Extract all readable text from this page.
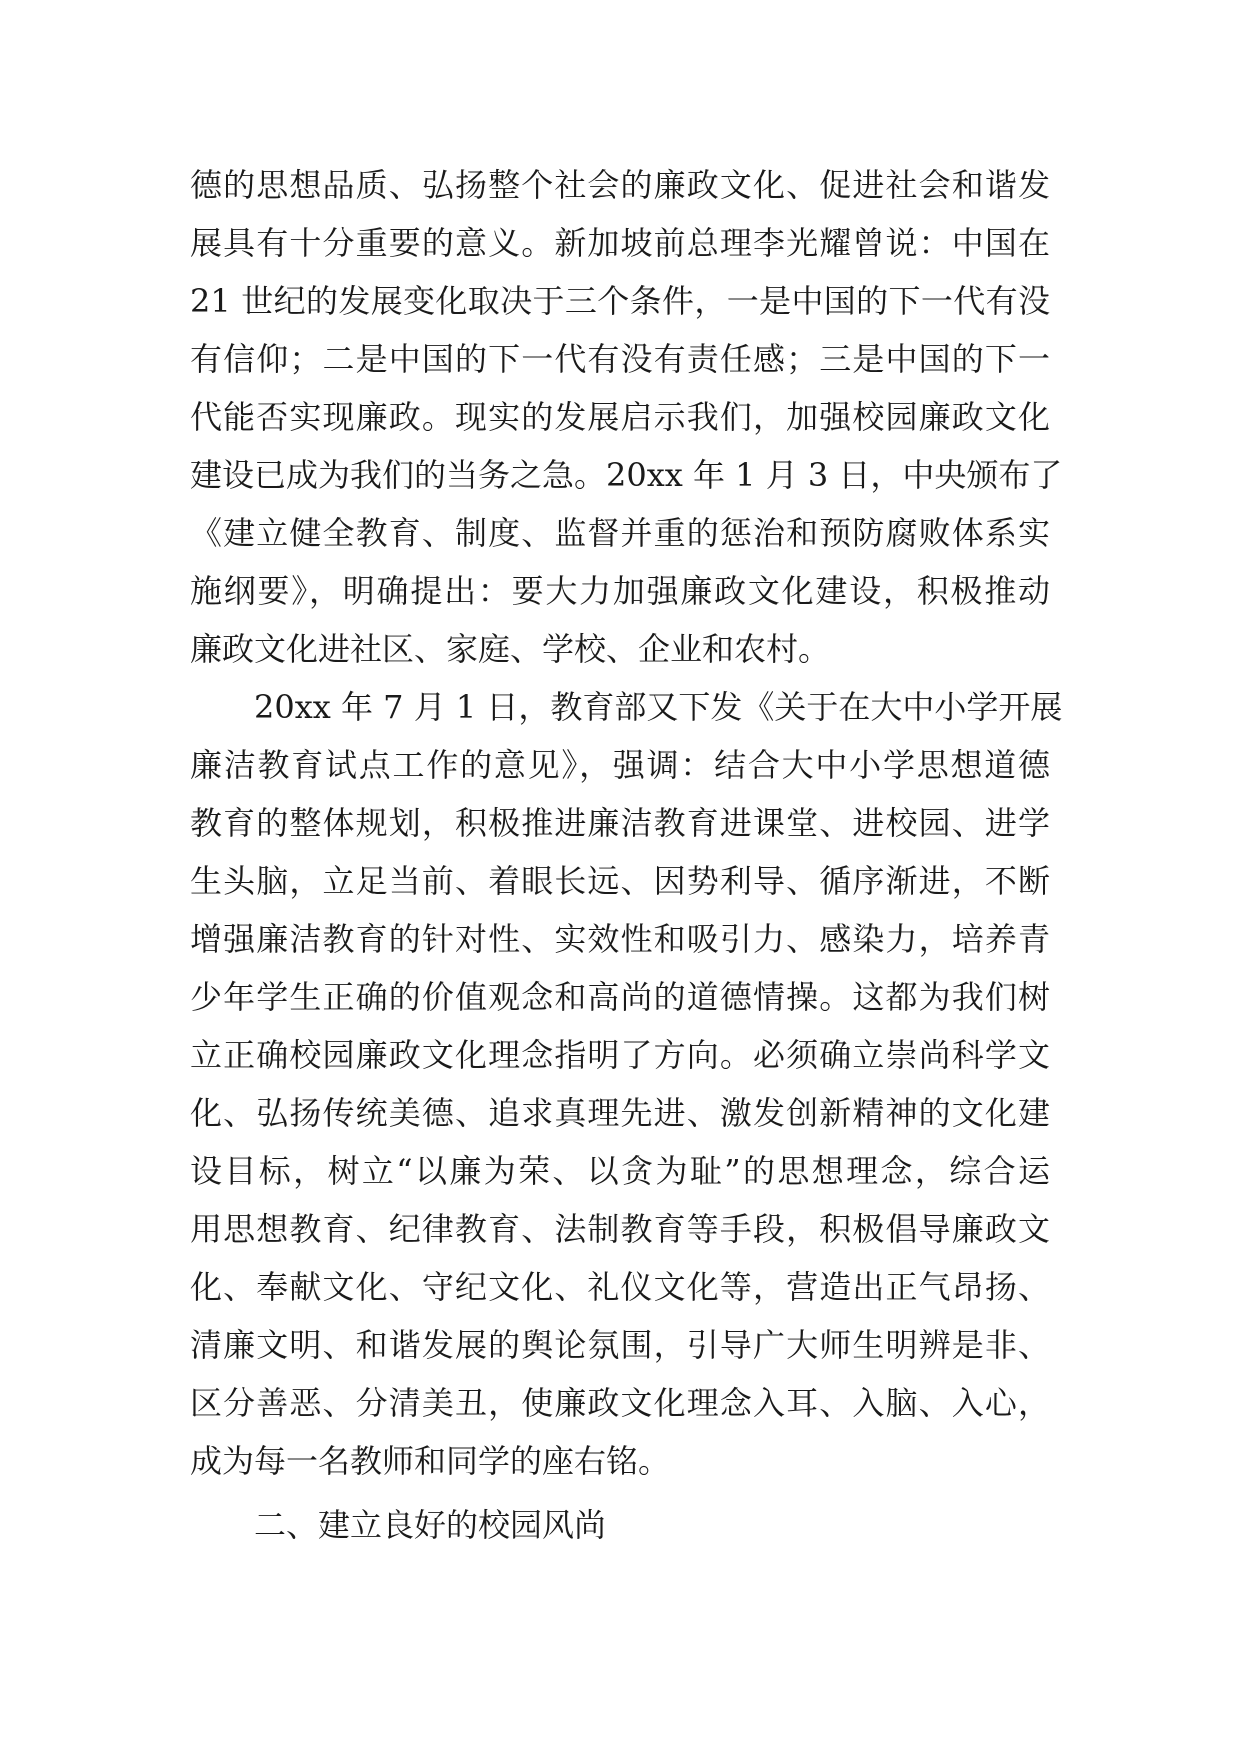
德的思想品质、弘扬整个社会的廉政文化、促进社会和谐发
展具有十分重要的意义。新加坡前总理李光耀曾说：中国在
21 世纪的发展变化取决于三个条件，一是中国的下一代有没
有信仰；二是中国的下一代有没有责任感；三是中国的下一
代能否实现廉政。现实的发展启示我们，加强校园廉政文化
建设已成为我们的当务之急。20xx 年 1 月 3 日，中央颁布了
《建立健全教育、制度、监督并重的惩治和预防腐败体系实
施纲要》，明确提出：要大力加强廉政文化建设，积极推动
廉政文化进社区、家庭、学校、企业和农村。
20xx 年 7 月 1 日，教育部又下发《关于在大中小学开展
廉洁教育试点工作的意见》，强调：结合大中小学思想道德
教育的整体规划，积极推进廉洁教育进课堂、进校园、进学
生头脑，立足当前、着眼长远、因势利导、循序渐进，不断
增强廉洁教育的针对性、实效性和吸引力、感染力，培养青
少年学生正确的价值观念和高尚的道德情操。这都为我们树
立正确校园廉政文化理念指明了方向。必须确立崇尚科学文
化、弘扬传统美德、追求真理先进、激发创新精神的文化建
设目标，树立“以廉为荣、以贪为耻”的思想理念，综合运
用思想教育、纪律教育、法制教育等手段，积极倡导廉政文
化、奉献文化、守纪文化、礼仪文化等，营造出正气昂扬、
清廉文明、和谐发展的舆论氛围，引导广大师生明辨是非、
区分善恶、分清美丑，使廉政文化理念入耳、入脑、入心，
成为每一名教师和同学的座右铭。
二、建立良好的校园风尚
